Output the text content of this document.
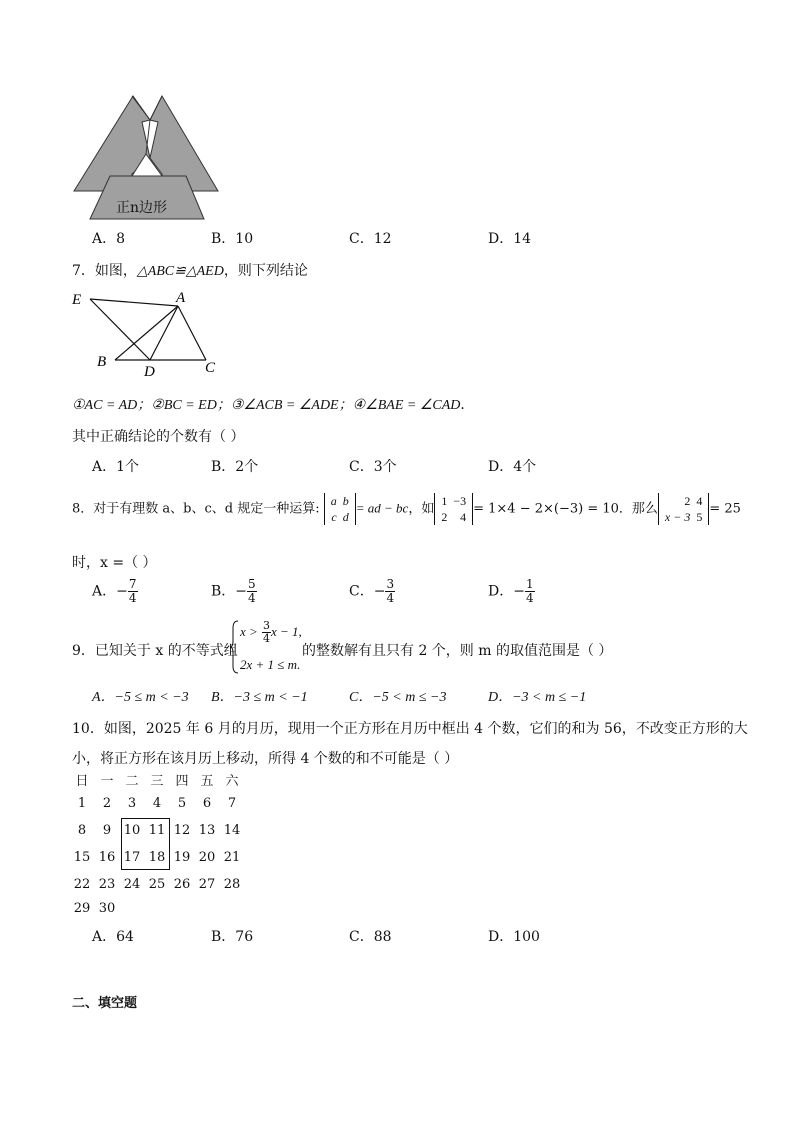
正n边形
A．8	B．10	C．12	D．14
7．如图，△ABC≌△AED，则下列结论
E	A
B
D	C
①AC = AD；②BC = ED；③∠ACB = ∠ADE；④∠BAE = ∠CAD．
其中正确结论的个数有（ ）
A．1个	B．2个	C．3个	D．4个
8．对于有理数 a、b、c、d 规定一种运算:
a	b
c	d
= ad − bc，如
1	−3
2	4
= 1×4 − 2×(−3) = 10．那么
2	4
x − 3	5
= 25
时，x =（ ）
A．− $\frac{7}{4}$	B．− $\frac{5}{4}$	C．− $\frac{3}{4}$	D．− $\frac{1}{4}$
9．已知关于 x 的不等式组
$x > \frac{3}{4}$ x − 1,
2x + 1 ≤ m.
的整数解有且只有 2 个，则 m 的取值范围是（ ）
A．−5 ≤ m < −3 B．−3 ≤ m < −1	C．−5 < m ≤ −3	D．−3 < m ≤ −1
10．如图，2025 年 6 月的月历，现用一个正方形在月历中框出 4 个数，它们的和为 56，不改变正方形的大
小，将正方形在该月历上移动，所得 4 个数的和不可能是（ ）
日 一 二 三 四 五 六
1	2	3	4	5	6	7
8	9 10 11 12 13 14
15 16 17 18 19 20 21
22 23 24 25 26 27 28
29 30
A．64	B．76	C．88	D．100
二、填空题
